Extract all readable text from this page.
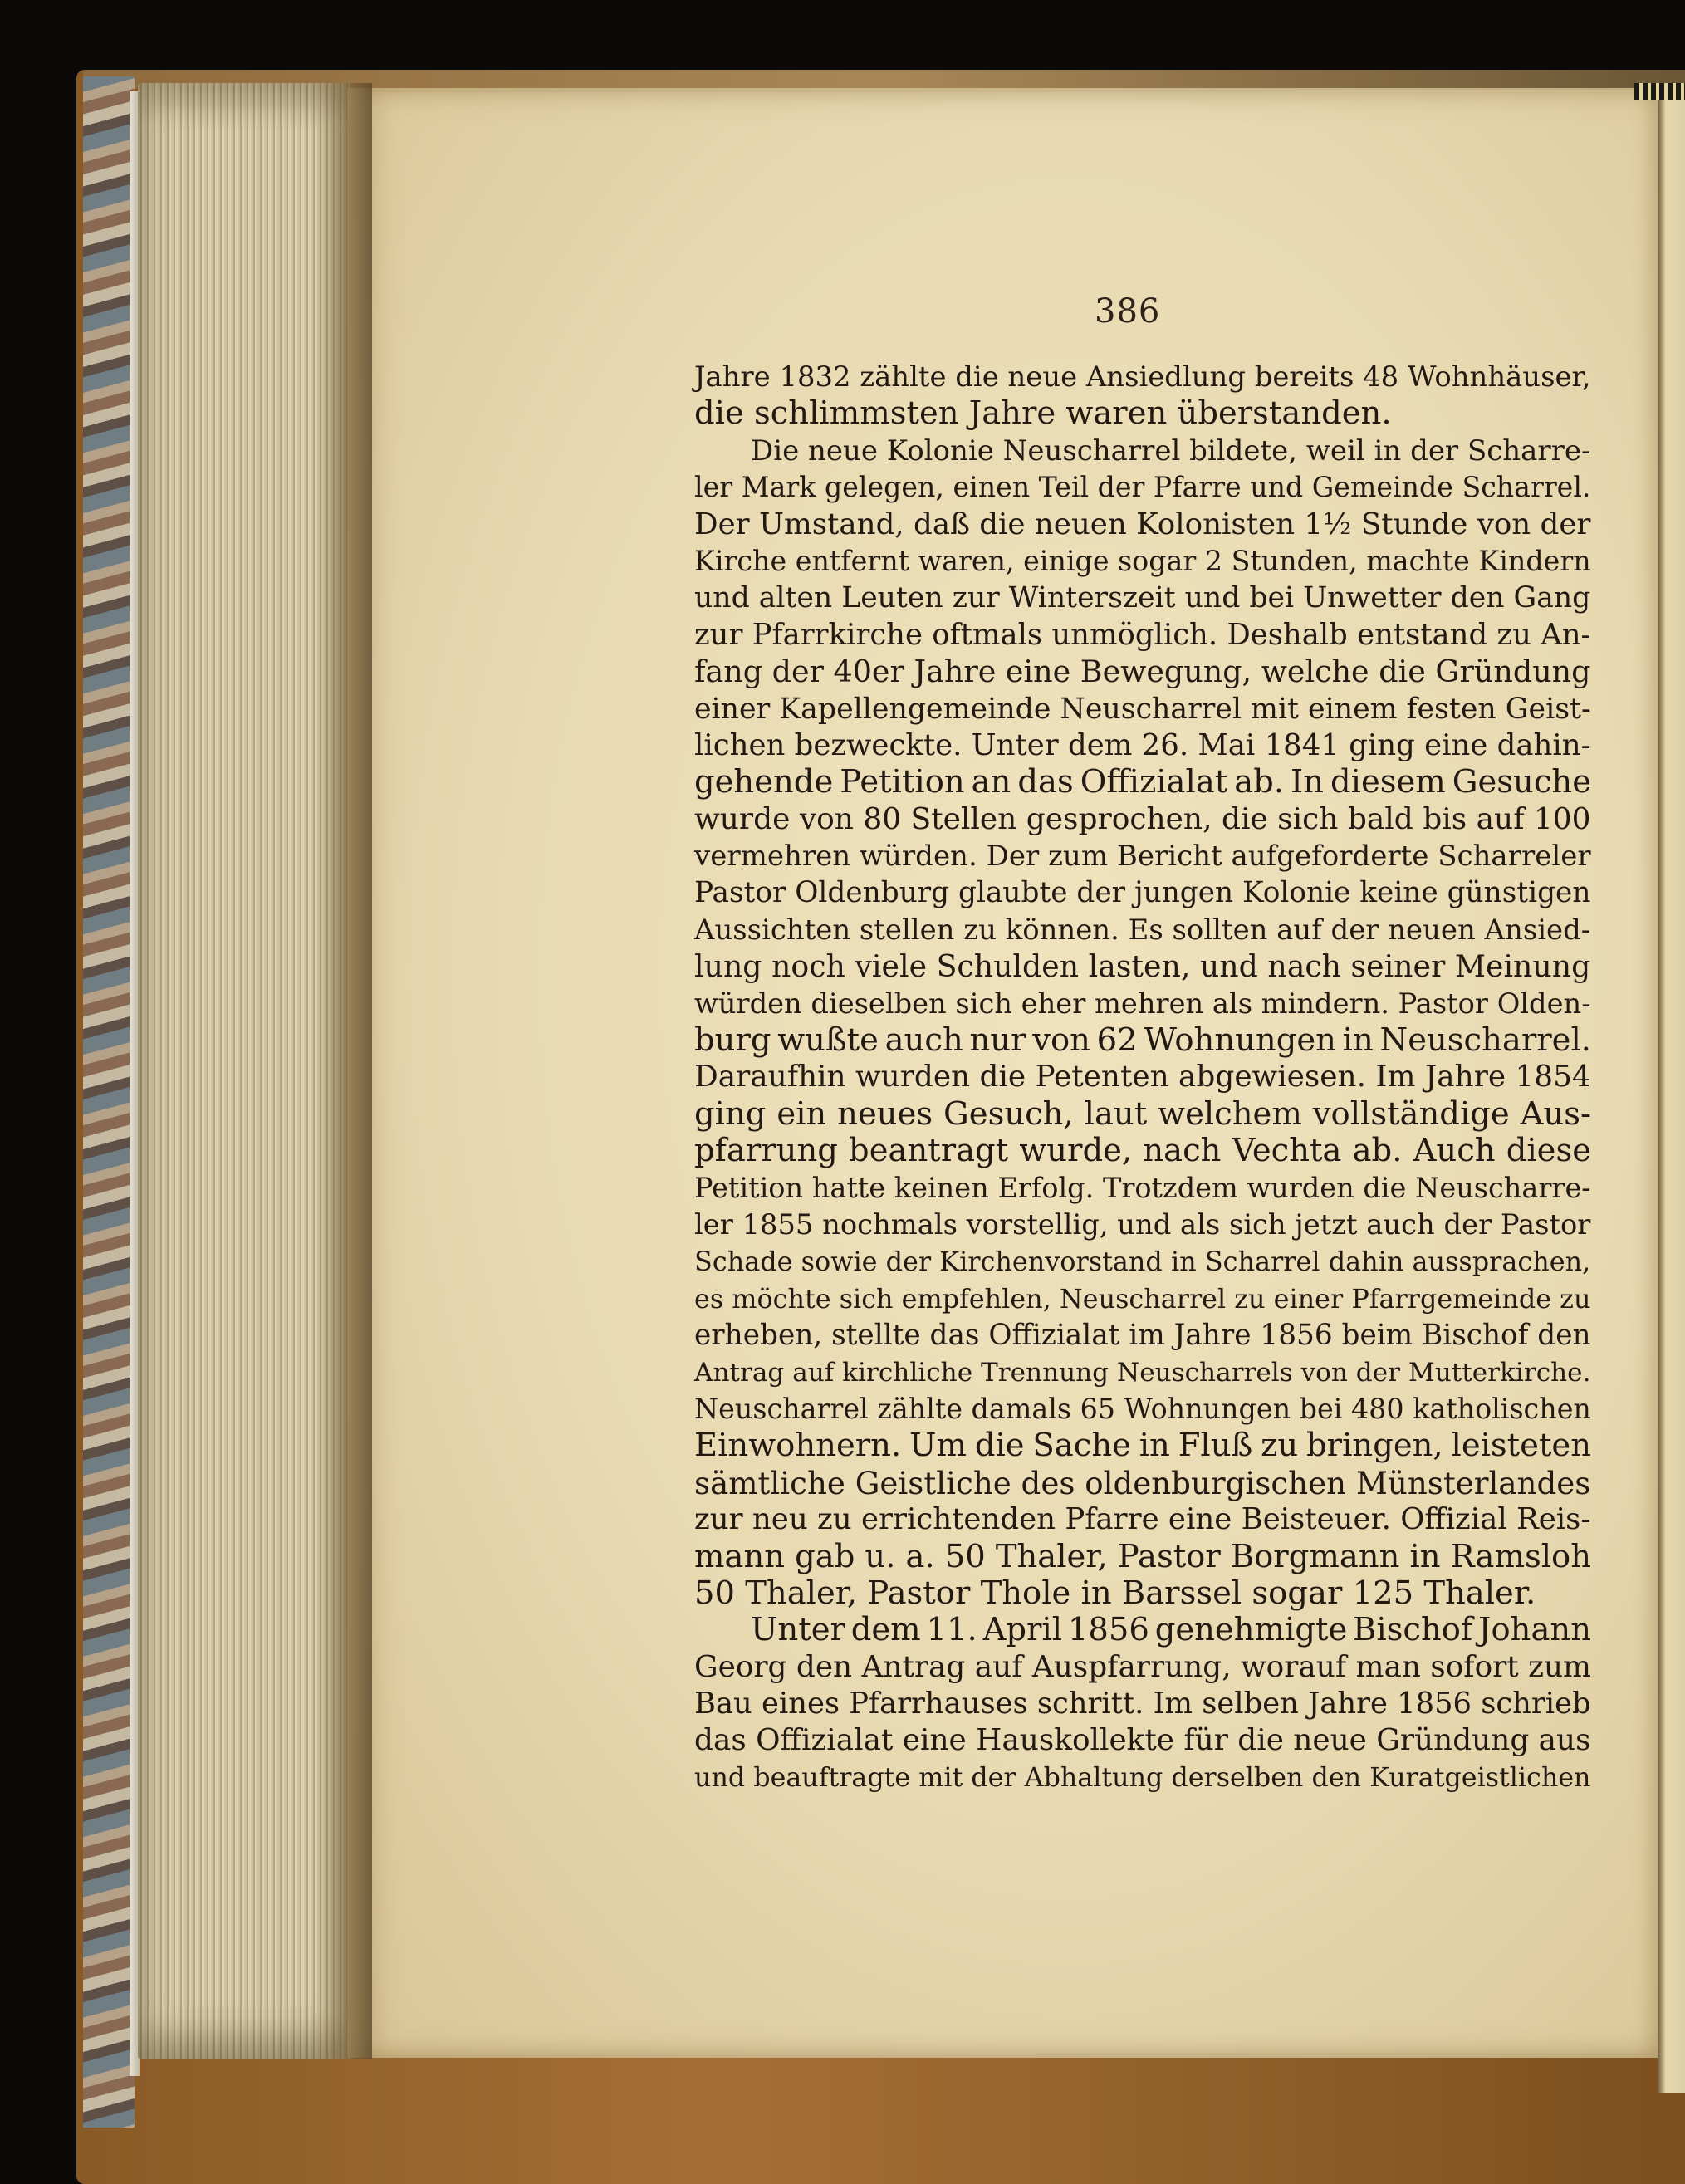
386
Jahre 1832 zählte die neue Ansiedlung bereits 48 Wohnhäuser,
die schlimmsten Jahre waren überstanden.
Die neue Kolonie Neuscharrel bildete, weil in der Scharre-
ler Mark gelegen, einen Teil der Pfarre und Gemeinde Scharrel.
Der Umstand, daß die neuen Kolonisten 1½ Stunde von der
Kirche entfernt waren, einige sogar 2 Stunden, machte Kindern
und alten Leuten zur Winterszeit und bei Unwetter den Gang
zur Pfarrkirche oftmals unmöglich. Deshalb entstand zu An-
fang der 40er Jahre eine Bewegung, welche die Gründung
einer Kapellengemeinde Neuscharrel mit einem festen Geist-
lichen bezweckte. Unter dem 26. Mai 1841 ging eine dahin-
gehende Petition an das Offizialat ab. In diesem Gesuche
wurde von 80 Stellen gesprochen, die sich bald bis auf 100
vermehren würden. Der zum Bericht aufgeforderte Scharreler
Pastor Oldenburg glaubte der jungen Kolonie keine günstigen
Aussichten stellen zu können. Es sollten auf der neuen Ansied-
lung noch viele Schulden lasten, und nach seiner Meinung
würden dieselben sich eher mehren als mindern. Pastor Olden-
burg wußte auch nur von 62 Wohnungen in Neuscharrel.
Daraufhin wurden die Petenten abgewiesen. Im Jahre 1854
ging ein neues Gesuch, laut welchem vollständige Aus-
pfarrung beantragt wurde, nach Vechta ab. Auch diese
Petition hatte keinen Erfolg. Trotzdem wurden die Neuscharre-
ler 1855 nochmals vorstellig, und als sich jetzt auch der Pastor
Schade sowie der Kirchenvorstand in Scharrel dahin aussprachen,
es möchte sich empfehlen, Neuscharrel zu einer Pfarrgemeinde zu
erheben, stellte das Offizialat im Jahre 1856 beim Bischof den
Antrag auf kirchliche Trennung Neuscharrels von der Mutterkirche.
Neuscharrel zählte damals 65 Wohnungen bei 480 katholischen
Einwohnern. Um die Sache in Fluß zu bringen, leisteten
sämtliche Geistliche des oldenburgischen Münsterlandes
zur neu zu errichtenden Pfarre eine Beisteuer. Offizial Reis-
mann gab u. a. 50 Thaler, Pastor Borgmann in Ramsloh
50 Thaler, Pastor Thole in Barssel sogar 125 Thaler.
Unter dem 11. April 1856 genehmigte Bischof Johann
Georg den Antrag auf Auspfarrung, worauf man sofort zum
Bau eines Pfarrhauses schritt. Im selben Jahre 1856 schrieb
das Offizialat eine Hauskollekte für die neue Gründung aus
und beauftragte mit der Abhaltung derselben den Kuratgeistlichen
